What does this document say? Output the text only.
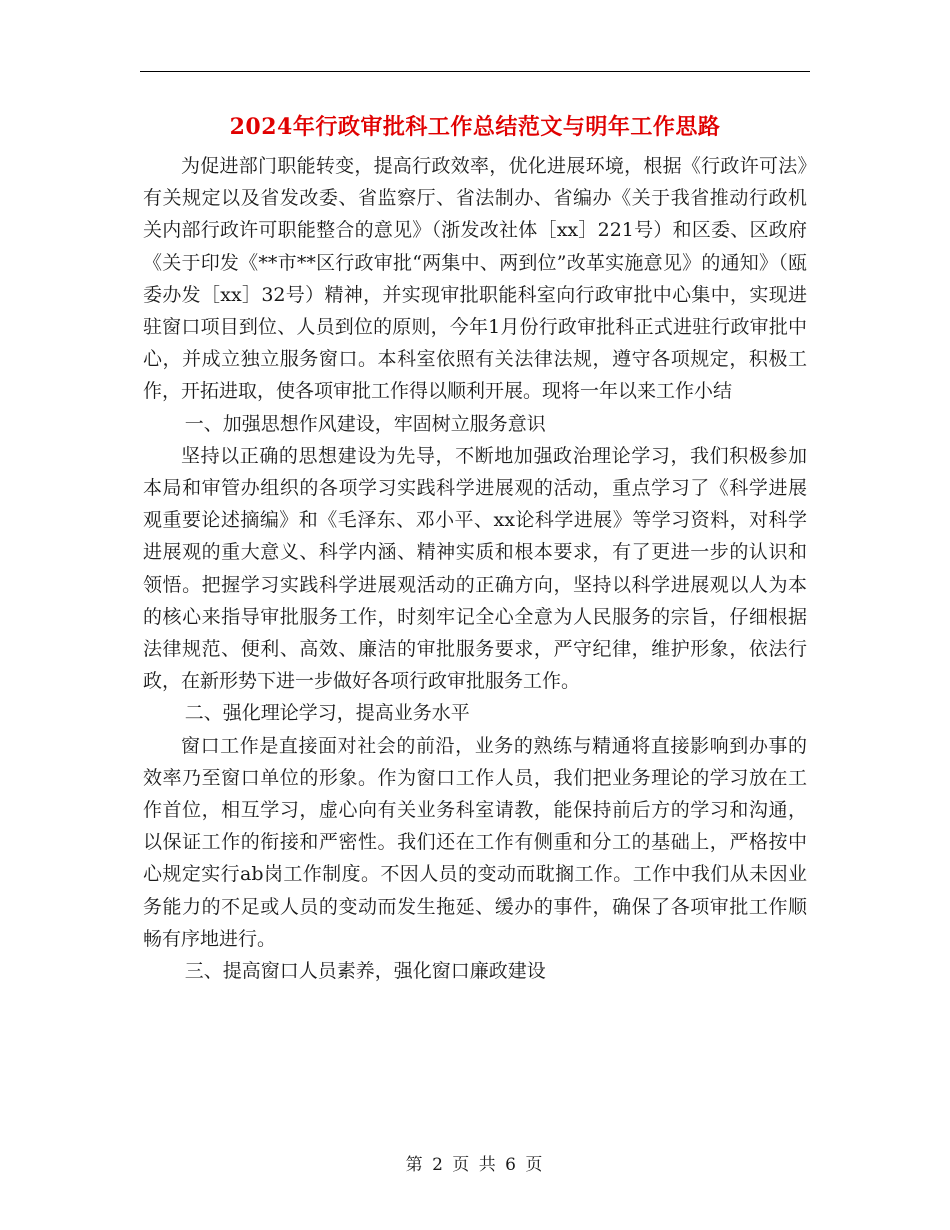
2024年行政审批科工作总结范文与明年工作思路

为促进部门职能转变，提高行政效率，优化进展环境，根据《行政许可法》有关规定以及省发改委、省监察厅、省法制办、省编办《关于我省推动行政机关内部行政许可职能整合的意见》（浙发改社体［xx］221号）和区委、区政府《关于印发《**市**区行政审批“两集中、两到位”改革实施意见》的通知》（瓯委办发［xx］32号）精神，并实现审批职能科室向行政审批中心集中，实现进驻窗口项目到位、人员到位的原则，今年1月份行政审批科正式进驻行政审批中心，并成立独立服务窗口。本科室依照有关法律法规，遵守各项规定，积极工作，开拓进取，使各项审批工作得以顺利开展。现将一年以来工作小结

一、加强思想作风建设，牢固树立服务意识

坚持以正确的思想建设为先导，不断地加强政治理论学习，我们积极参加本局和审管办组织的各项学习实践科学进展观的活动，重点学习了《科学进展观重要论述摘编》和《毛泽东、邓小平、xx论科学进展》等学习资料，对科学进展观的重大意义、科学内涵、精神实质和根本要求，有了更进一步的认识和领悟。把握学习实践科学进展观活动的正确方向，坚持以科学进展观以人为本的核心来指导审批服务工作，时刻牢记全心全意为人民服务的宗旨，仔细根据法律规范、便利、高效、廉洁的审批服务要求，严守纪律，维护形象，依法行政，在新形势下进一步做好各项行政审批服务工作。

二、强化理论学习，提高业务水平

窗口工作是直接面对社会的前沿，业务的熟练与精通将直接影响到办事的效率乃至窗口单位的形象。作为窗口工作人员，我们把业务理论的学习放在工作首位，相互学习，虚心向有关业务科室请教，能保持前后方的学习和沟通，以保证工作的衔接和严密性。我们还在工作有侧重和分工的基础上，严格按中心规定实行ab岗工作制度。不因人员的变动而耽搁工作。工作中我们从未因业务能力的不足或人员的变动而发生拖延、缓办的事件，确保了各项审批工作顺畅有序地进行。

三、提高窗口人员素养，强化窗口廉政建设

第 2 页 共 6 页
